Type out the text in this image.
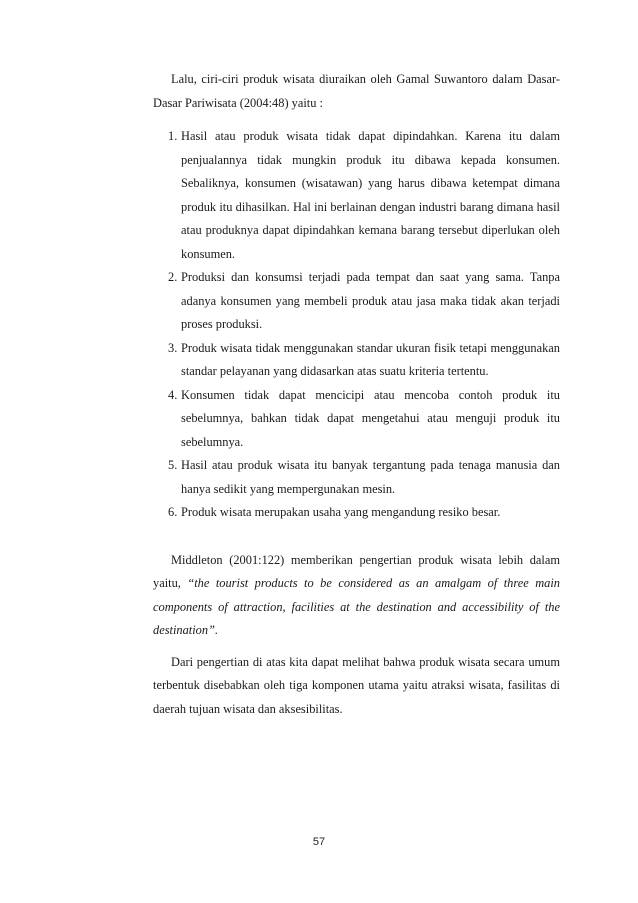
Lalu, ciri-ciri produk wisata diuraikan oleh Gamal Suwantoro dalam Dasar-Dasar Pariwisata (2004:48) yaitu :

1. Hasil atau produk wisata tidak dapat dipindahkan. Karena itu dalam penjualannya tidak mungkin produk itu dibawa kepada konsumen. Sebaliknya, konsumen (wisatawan) yang harus dibawa ketempat dimana produk itu dihasilkan. Hal ini berlainan dengan industri barang dimana hasil atau produknya dapat dipindahkan kemana barang tersebut diperlukan oleh konsumen.
2. Produksi dan konsumsi terjadi pada tempat dan saat yang sama. Tanpa adanya konsumen yang membeli produk atau jasa maka tidak akan terjadi proses produksi.
3. Produk wisata tidak menggunakan standar ukuran fisik tetapi menggunakan standar pelayanan yang didasarkan atas suatu kriteria tertentu.
4. Konsumen tidak dapat mencicipi atau mencoba contoh produk itu sebelumnya, bahkan tidak dapat mengetahui atau menguji produk itu sebelumnya.
5. Hasil atau produk wisata itu banyak tergantung pada tenaga manusia dan hanya sedikit yang mempergunakan mesin.
6. Produk wisata merupakan usaha yang mengandung resiko besar.

Middleton (2001:122) memberikan pengertian produk wisata lebih dalam yaitu, “the tourist products to be considered as an amalgam of three main components of attraction, facilities at the destination and accessibility of the destination”.

Dari pengertian di atas kita dapat melihat bahwa produk wisata secara umum terbentuk disebabkan oleh tiga komponen utama yaitu atraksi wisata, fasilitas di daerah tujuan wisata dan aksesibilitas.

57
